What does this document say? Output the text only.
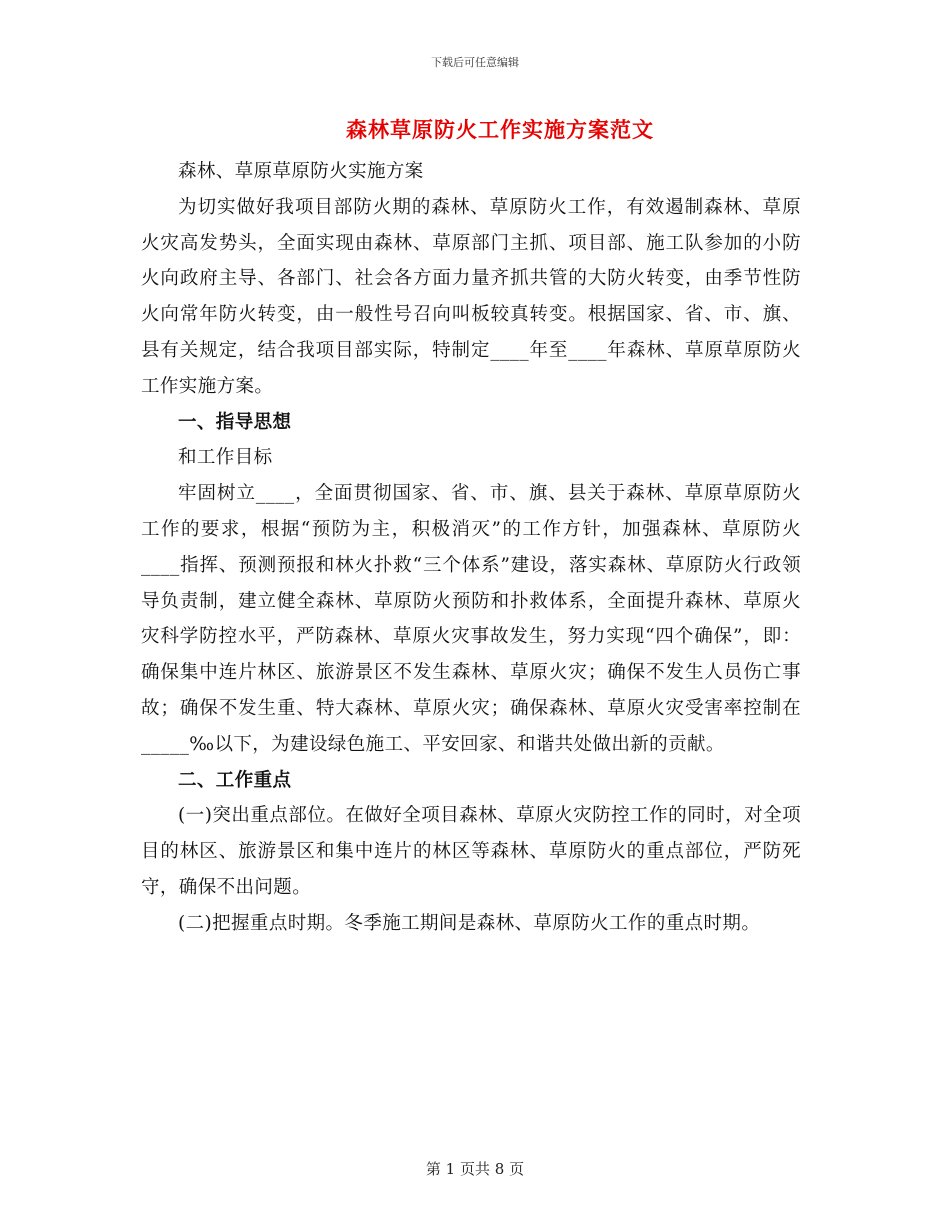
下载后可任意编辑
森林草原防火工作实施方案范文

森林、草原草原防火实施方案

为切实做好我项目部防火期的森林、草原防火工作，有效遏制森林、草原火灾高发势头，全面实现由森林、草原部门主抓、项目部、施工队参加的小防火向政府主导、各部门、社会各方面力量齐抓共管的大防火转变，由季节性防火向常年防火转变，由一般性号召向叫板较真转变。根据国家、省、市、旗、县有关规定，结合我项目部实际，特制定____年至____年森林、草原草原防火工作实施方案。

一、指导思想

和工作目标

牢固树立____，全面贯彻国家、省、市、旗、县关于森林、草原草原防火工作的要求，根据“预防为主，积极消灭”的工作方针，加强森林、草原防火____指挥、预测预报和林火扑救“三个体系”建设，落实森林、草原防火行政领导负责制，建立健全森林、草原防火预防和扑救体系，全面提升森林、草原火灾科学防控水平，严防森林、草原火灾事故发生，努力实现“四个确保”，即：确保集中连片林区、旅游景区不发生森林、草原火灾；确保不发生人员伤亡事故；确保不发生重、特大森林、草原火灾；确保森林、草原火灾受害率控制在_____‰以下，为建设绿色施工、平安回家、和谐共处做出新的贡献。

二、工作重点

(一)突出重点部位。在做好全项目森林、草原火灾防控工作的同时，对全项目的林区、旅游景区和集中连片的林区等森林、草原防火的重点部位，严防死守，确保不出问题。

(二)把握重点时期。冬季施工期间是森林、草原防火工作的重点时期。

第 1 页共 8 页
